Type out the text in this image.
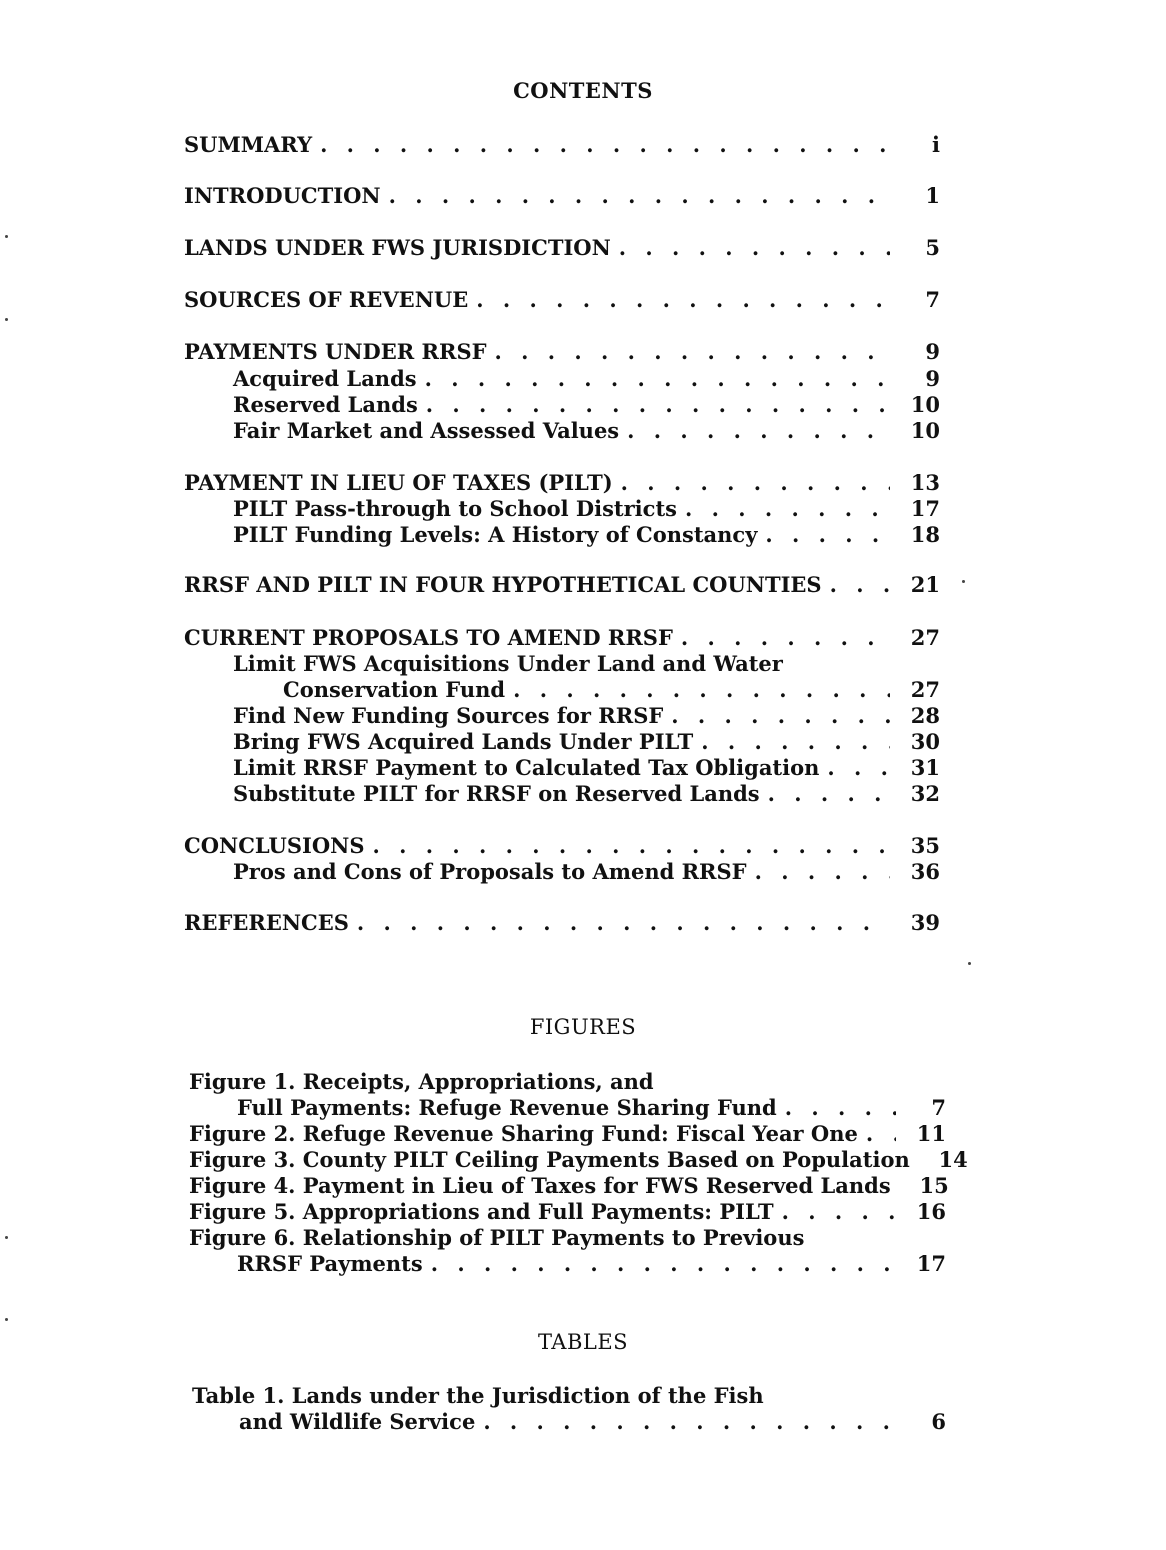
CONTENTS
SUMMARY . . .	i
INTRODUCTION . . .	1
LANDS UNDER FWS JURISDICTION . . .	5
SOURCES OF REVENUE . . .	7
PAYMENTS UNDER RRSF . . .	9
Acquired Lands . . .	9
Reserved Lands . . .	10
Fair Market and Assessed Values . . .	10
PAYMENT IN LIEU OF TAXES (PILT) . . .	13
PILT Pass-through to School Districts . . .	17
PILT Funding Levels: A History of Constancy . . .	18
RRSF AND PILT IN FOUR HYPOTHETICAL COUNTIES . . .	21
CURRENT PROPOSALS TO AMEND RRSF . . .	27
Limit FWS Acquisitions Under Land and Water
Conservation Fund . . .	27
Find New Funding Sources for RRSF . . .	28
Bring FWS Acquired Lands Under PILT . . .	30
Limit RRSF Payment to Calculated Tax Obligation . . .	31
Substitute PILT for RRSF on Reserved Lands . . .	32
CONCLUSIONS . . .	35
Pros and Cons of Proposals to Amend RRSF . . .	36
REFERENCES . . .	39
FIGURES
Figure 1. Receipts, Appropriations, and
Full Payments: Refuge Revenue Sharing Fund . . .	7
Figure 2. Refuge Revenue Sharing Fund: Fiscal Year One . . .	11
Figure 3. County PILT Ceiling Payments Based on Population	14
Figure 4. Payment in Lieu of Taxes for FWS Reserved Lands	15
Figure 5. Appropriations and Full Payments: PILT . . .	16
Figure 6. Relationship of PILT Payments to Previous
RRSF Payments . . .	17
TABLES
Table 1. Lands under the Jurisdiction of the Fish
and Wildlife Service . . .	6
